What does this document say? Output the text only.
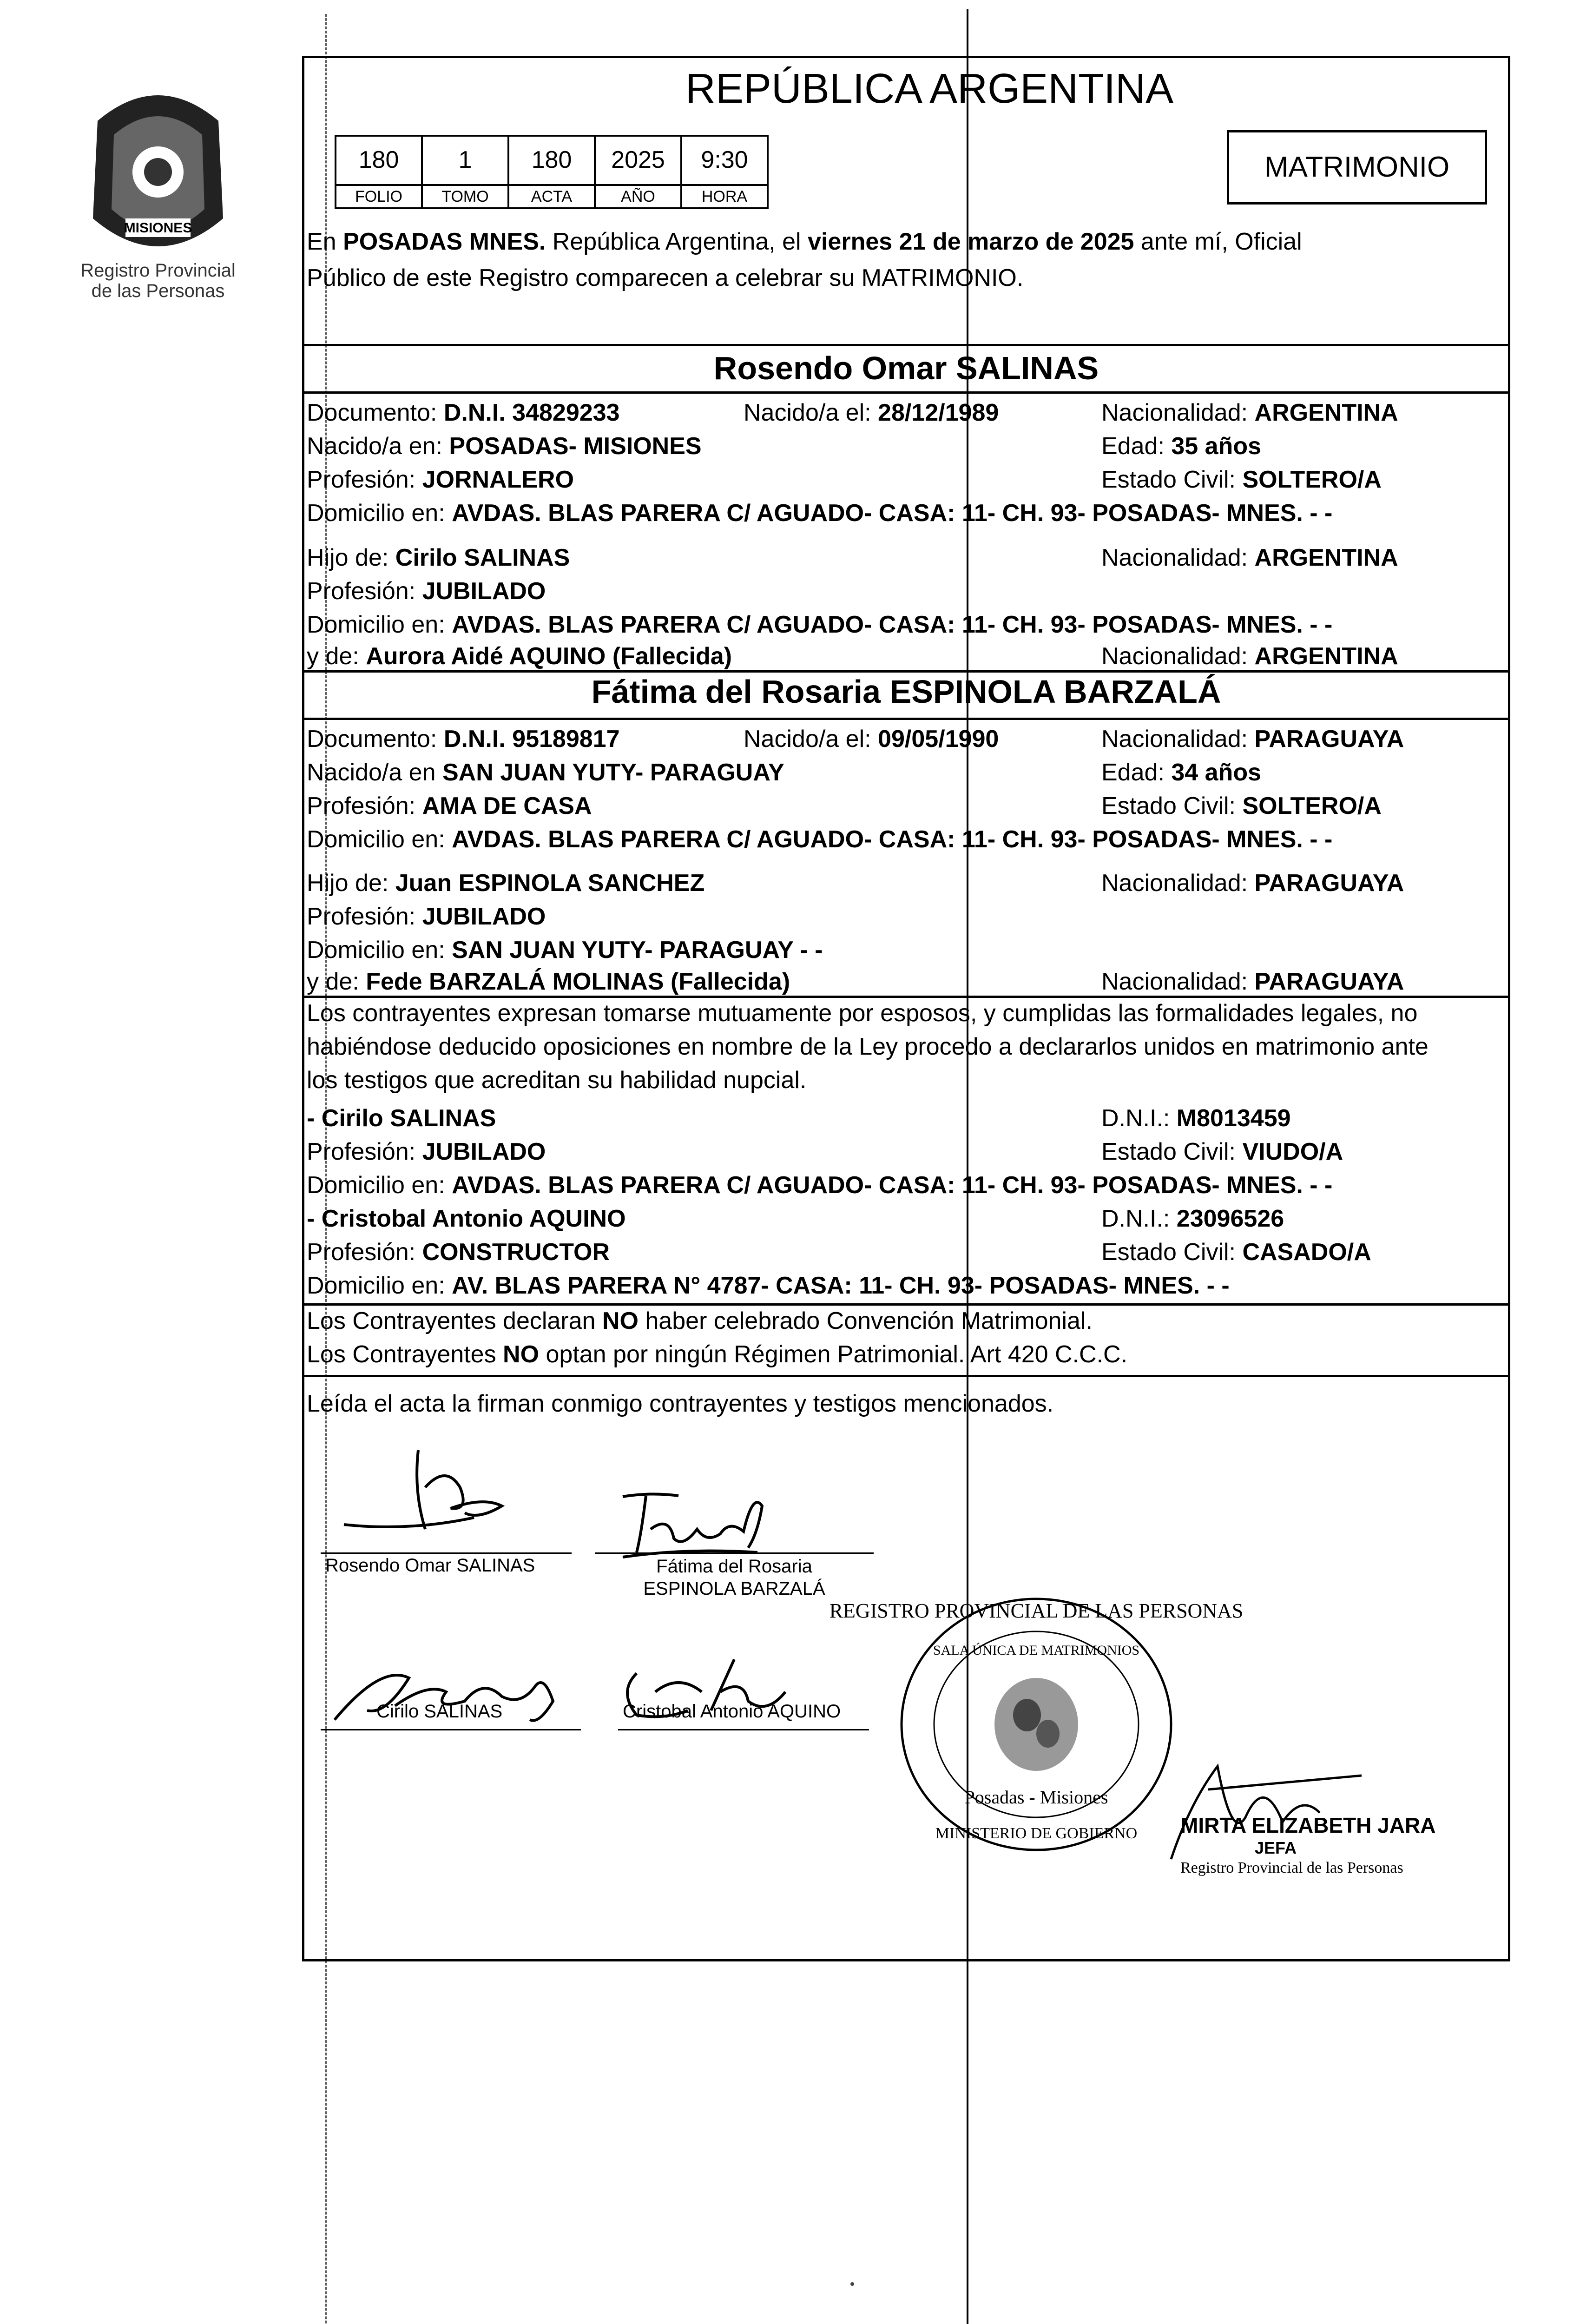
MISIONES
Registro Provincial
de las Personas
REPÚBLICA ARGENTINA
180	1	180	2025	9:30
FOLIO	TOMO	ACTA	AÑO	HORA
MATRIMONIO
En POSADAS MNES. República Argentina, el viernes 21 de marzo de 2025 ante mí, Oficial
Público de este Registro comparecen a celebrar su MATRIMONIO.
Rosendo Omar SALINAS
Documento: D.N.I. 34829233	Nacido/a el: 28/12/1989	Nacionalidad: ARGENTINA
Nacido/a en: POSADAS- MISIONES	Edad: 35 años
Profesión: JORNALERO	Estado Civil: SOLTERO/A
Domicilio en: AVDAS. BLAS PARERA C/ AGUADO- CASA: 11- CH. 93- POSADAS- MNES. - -
Hijo de: Cirilo SALINAS	Nacionalidad: ARGENTINA
Profesión: JUBILADO
Domicilio en: AVDAS. BLAS PARERA C/ AGUADO- CASA: 11- CH. 93- POSADAS- MNES. - -
y de: Aurora Aidé AQUINO (Fallecida)	Nacionalidad: ARGENTINA
Fátima del Rosaria ESPINOLA BARZALÁ
Documento: D.N.I. 95189817	Nacido/a el: 09/05/1990	Nacionalidad: PARAGUAYA
Nacido/a en SAN JUAN YUTY- PARAGUAY	Edad: 34 años
Profesión: AMA DE CASA	Estado Civil: SOLTERO/A
Domicilio en: AVDAS. BLAS PARERA C/ AGUADO- CASA: 11- CH. 93- POSADAS- MNES. - -
Hijo de: Juan ESPINOLA SANCHEZ	Nacionalidad: PARAGUAYA
Profesión: JUBILADO
Domicilio en: SAN JUAN YUTY- PARAGUAY - -
y de: Fede BARZALÁ MOLINAS (Fallecida)	Nacionalidad: PARAGUAYA
Los contrayentes expresan tomarse mutuamente por esposos, y cumplidas las formalidades legales, no
habiéndose deducido oposiciones en nombre de la Ley procedo a declararlos unidos en matrimonio ante
los testigos que acreditan su habilidad nupcial.
- Cirilo SALINAS	D.N.I.: M8013459
Profesión: JUBILADO	Estado Civil: VIUDO/A
Domicilio en: AVDAS. BLAS PARERA C/ AGUADO- CASA: 11- CH. 93- POSADAS- MNES. - -
- Cristobal Antonio AQUINO	D.N.I.: 23096526
Profesión: CONSTRUCTOR	Estado Civil: CASADO/A
Domicilio en: AV. BLAS PARERA N° 4787- CASA: 11- CH. 93- POSADAS- MNES. - -
Los Contrayentes declaran NO haber celebrado Convención Matrimonial.
Los Contrayentes NO optan por ningún Régimen Patrimonial. Art 420 C.C.C.
Leída el acta la firman conmigo contrayentes y testigos mencionados.
Rosendo Omar SALINAS	Fátima del Rosaria
ESPINOLA BARZALÁ
Cirilo SALINAS	Cristobal Antonio AQUINO
REGISTRO PROVINCIAL DE LAS PERSONAS
SALA ÚNICA DE MATRIMONIOS
Posadas - Misiones
MINISTERIO DE GOBIERNO MIRTA ELIZABETH JARA
JEFA
Registro Provincial de las Personas
